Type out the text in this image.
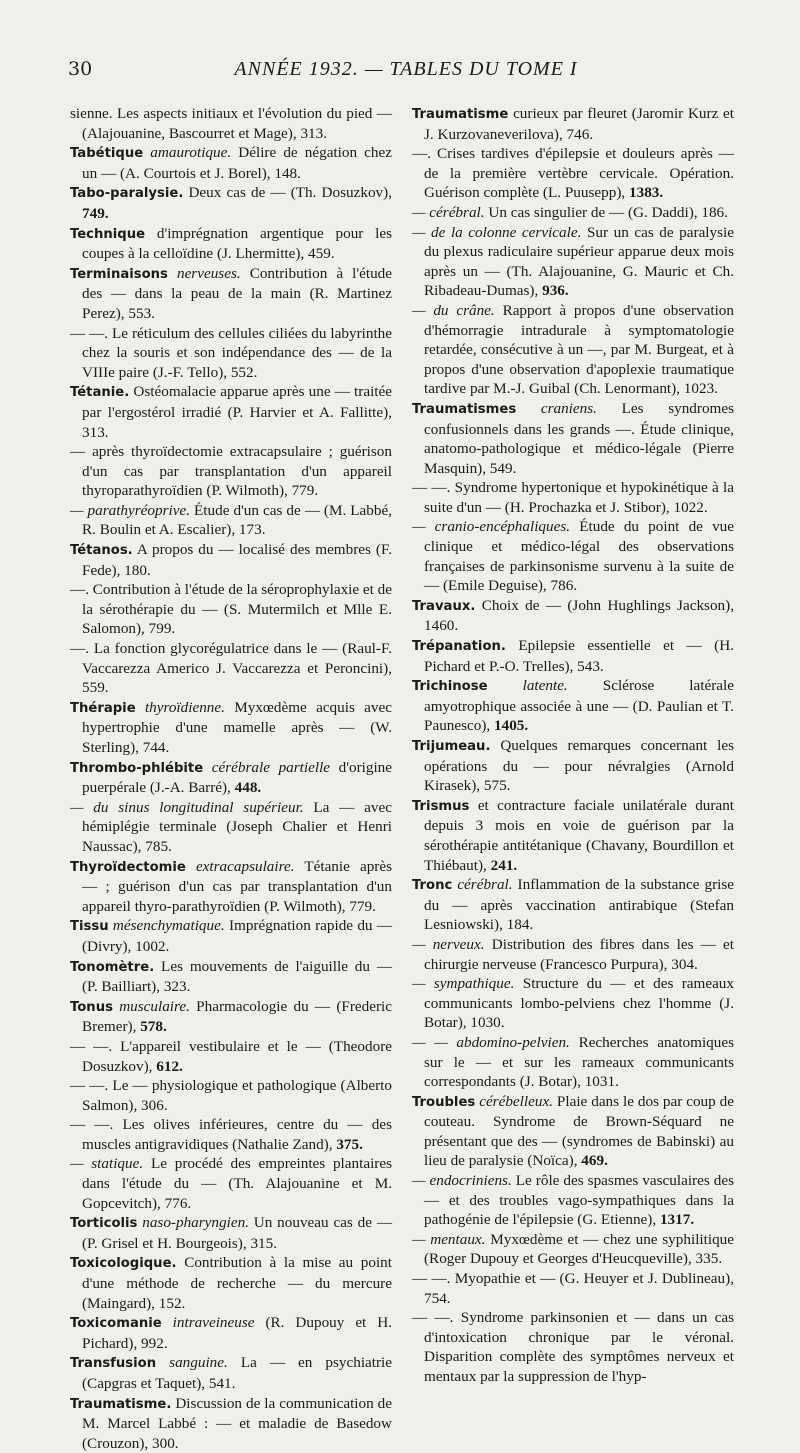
30	ANNÉE 1932. — TABLES DU TOME I

sienne. Les aspects initiaux et l'évolution du pied — (Alajouanine, Bascourret et Mage), 313.

Tabétique amaurotique. Délire de négation chez un — (A. Courtois et J. Borel), 148.

Tabo-paralysie. Deux cas de — (Th. Dosuzkov), 749.

Technique d'imprégnation argentique pour les coupes à la celloïdine (J. Lhermitte), 459.

Terminaisons nerveuses. Contribution à l'étude des — dans la peau de la main (R. Martinez Perez), 553.

— —. Le réticulum des cellules ciliées du labyrinthe chez la souris et son indépendance des — de la VIIIe paire (J.-F. Tello), 552.

Tétanie. Ostéomalacie apparue après une — traitée par l'ergostérol irradié (P. Harvier et A. Fallitte), 313.

— après thyroïdectomie extracapsulaire ; guérison d'un cas par transplantation d'un appareil thyroparathyroïdien (P. Wilmoth), 779.

— parathyréoprive. Étude d'un cas de — (M. Labbé, R. Boulin et A. Escalier), 173.

Tétanos. A propos du — localisé des membres (F. Fede), 180.

—. Contribution à l'étude de la séroprophylaxie et de la sérothérapie du — (S. Mutermilch et Mlle E. Salomon), 799.

—. La fonction glycorégulatrice dans le — (Raul-F. Vaccarezza Americo J. Vaccarezza et Peroncini), 559.

Thérapie thyroïdienne. Myxœdème acquis avec hypertrophie d'une mamelle après — (W. Sterling), 744.

Thrombo-phlébite cérébrale partielle d'origine puerpérale (J.-A. Barré), 448.

— du sinus longitudinal supérieur. La — avec hémiplégie terminale (Joseph Chalier et Henri Naussac), 785.

Thyroïdectomie extracapsulaire. Tétanie après — ; guérison d'un cas par transplantation d'un appareil thyro-parathyroïdien (P. Wilmoth), 779.

Tissu mésenchymatique. Imprégnation rapide du — (Divry), 1002.

Tonomètre. Les mouvements de l'aiguille du — (P. Bailliart), 323.

Tonus musculaire. Pharmacologie du — (Frederic Bremer), 578.

— —. L'appareil vestibulaire et le — (Theodore Dosuzkov), 612.

— —. Le — physiologique et pathologique (Alberto Salmon), 306.

— —. Les olives inférieures, centre du — des muscles antigravidiques (Nathalie Zand), 375.

— statique. Le procédé des empreintes plantaires dans l'étude du — (Th. Alajouanine et M. Gopcevitch), 776.

Torticolis naso-pharyngien. Un nouveau cas de — (P. Grisel et H. Bourgeois), 315.

Toxicologique. Contribution à la mise au point d'une méthode de recherche — du mercure (Maingard), 152.

Toxicomanie intraveineuse (R. Dupouy et H. Pichard), 992.

Transfusion sanguine. La — en psychiatrie (Capgras et Taquet), 541.

Traumatisme. Discussion de la communication de M. Marcel Labbé : — et maladie de Basedow (Crouzon), 300.

Traumatisme curieux par fleuret (Jaromir Kurz et J. Kurzovaneverilova), 746.

—. Crises tardives d'épilepsie et douleurs après — de la première vertèbre cervicale. Opération. Guérison complète (L. Puusepp), 1383.

— cérébral. Un cas singulier de — (G. Daddi), 186.

— de la colonne cervicale. Sur un cas de paralysie du plexus radiculaire supérieur apparue deux mois après un — (Th. Alajouanine, G. Mauric et Ch. Ribadeau-Dumas), 936.

— du crâne. Rapport à propos d'une observation d'hémorragie intradurale à symptomatologie retardée, consécutive à un —, par M. Burgeat, et à propos d'une observation d'apoplexie traumatique tardive par M.-J. Guibal (Ch. Lenormant), 1023.

Traumatismes craniens. Les syndromes confusionnels dans les grands —. Étude clinique, anatomo-pathologique et médico-légale (Pierre Masquin), 549.

— —. Syndrome hypertonique et hypokinétique à la suite d'un — (H. Prochazka et J. Stibor), 1022.

— cranio-encéphaliques. Étude du point de vue clinique et médico-légal des observations françaises de parkinsonisme survenu à la suite de — (Emile Deguise), 786.

Travaux. Choix de — (John Hughlings Jackson), 1460.

Trépanation. Epilepsie essentielle et — (H. Pichard et P.-O. Trelles), 543.

Trichinose latente. Sclérose latérale amyotrophique associée à une — (D. Paulian et T. Paunesco), 1405.

Trijumeau. Quelques remarques concernant les opérations du — pour névralgies (Arnold Kirasek), 575.

Trismus et contracture faciale unilatérale durant depuis 3 mois en voie de guérison par la sérothérapie antitétanique (Chavany, Bourdillon et Thiébaut), 241.

Tronc cérébral. Inflammation de la substance grise du — après vaccination antirabique (Stefan Lesniowski), 184.

— nerveux. Distribution des fibres dans les — et chirurgie nerveuse (Francesco Purpura), 304.

— sympathique. Structure du — et des rameaux communicants lombo-pelviens chez l'homme (J. Botar), 1030.

— — abdomino-pelvien. Recherches anatomiques sur le — et sur les rameaux communicants correspondants (J. Botar), 1031.

Troubles cérébelleux. Plaie dans le dos par coup de couteau. Syndrome de Brown-Séquard ne présentant que des — (syndromes de Babinski) au lieu de paralysie (Noïca), 469.

— endocriniens. Le rôle des spasmes vasculaires des — et des troubles vago-sympathiques dans la pathogénie de l'épilepsie (G. Etienne), 1317.

— mentaux. Myxœdème et — chez une syphilitique (Roger Dupouy et Georges d'Heucqueville), 335.

— —. Myopathie et — (G. Heuyer et J. Dublineau), 754.

— —. Syndrome parkinsonien et — dans un cas d'intoxication chronique par le véronal. Disparition complète des symptômes nerveux et mentaux par la suppression de l'hyp-
